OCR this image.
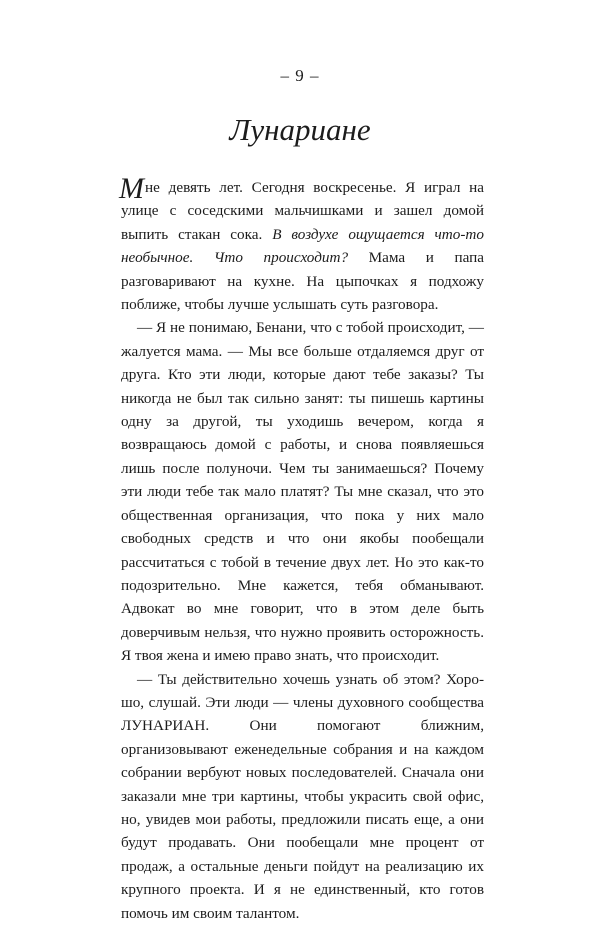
– 9 –
Лунариане

Мне девять лет. Сегодня воскресенье. Я играл на улице с соседскими мальчишками и зашел домой выпить стакан сока. В воздухе ощущается что-то необычное. Что происходит? Мама и папа разговаривают на кухне. На цыпочках я подхожу поближе, чтобы лучше услышать суть разговора.

— Я не понимаю, Бенани, что с тобой происходит, — жалуется мама. — Мы все больше отдаляемся друг от друга. Кто эти люди, которые дают тебе заказы? Ты никогда не был так сильно занят: ты пишешь картины одну за другой, ты уходишь вечером, когда я возвращаюсь домой с работы, и снова появляешься лишь после полуночи. Чем ты занимаешься? Почему эти люди тебе так мало платят? Ты мне сказал, что это общественная организация, что пока у них мало свободных средств и что они якобы пообещали рассчитаться с тобой в течение двух лет. Но это как-то подозрительно. Мне кажется, тебя обманывают. Адвокат во мне говорит, что в этом деле быть доверчивым нельзя, что нужно проявить осторожность. Я твоя жена и имею право знать, что происходит.

— Ты действительно хочешь узнать об этом? Хорошо, слушай. Эти люди — члены духовного сообщества ЛУНАРИАН. Они помогают ближним, организовывают еженедельные собрания и на каждом собрании вербуют новых последователей. Сначала они заказали мне три картины, чтобы украсить свой офис, но, увидев мои работы, предложили писать еще, а они будут продавать. Они пообещали мне процент от продаж, а остальные деньги пойдут на реализацию их крупного проекта. И я не единственный, кто готов помочь им своим талантом.
